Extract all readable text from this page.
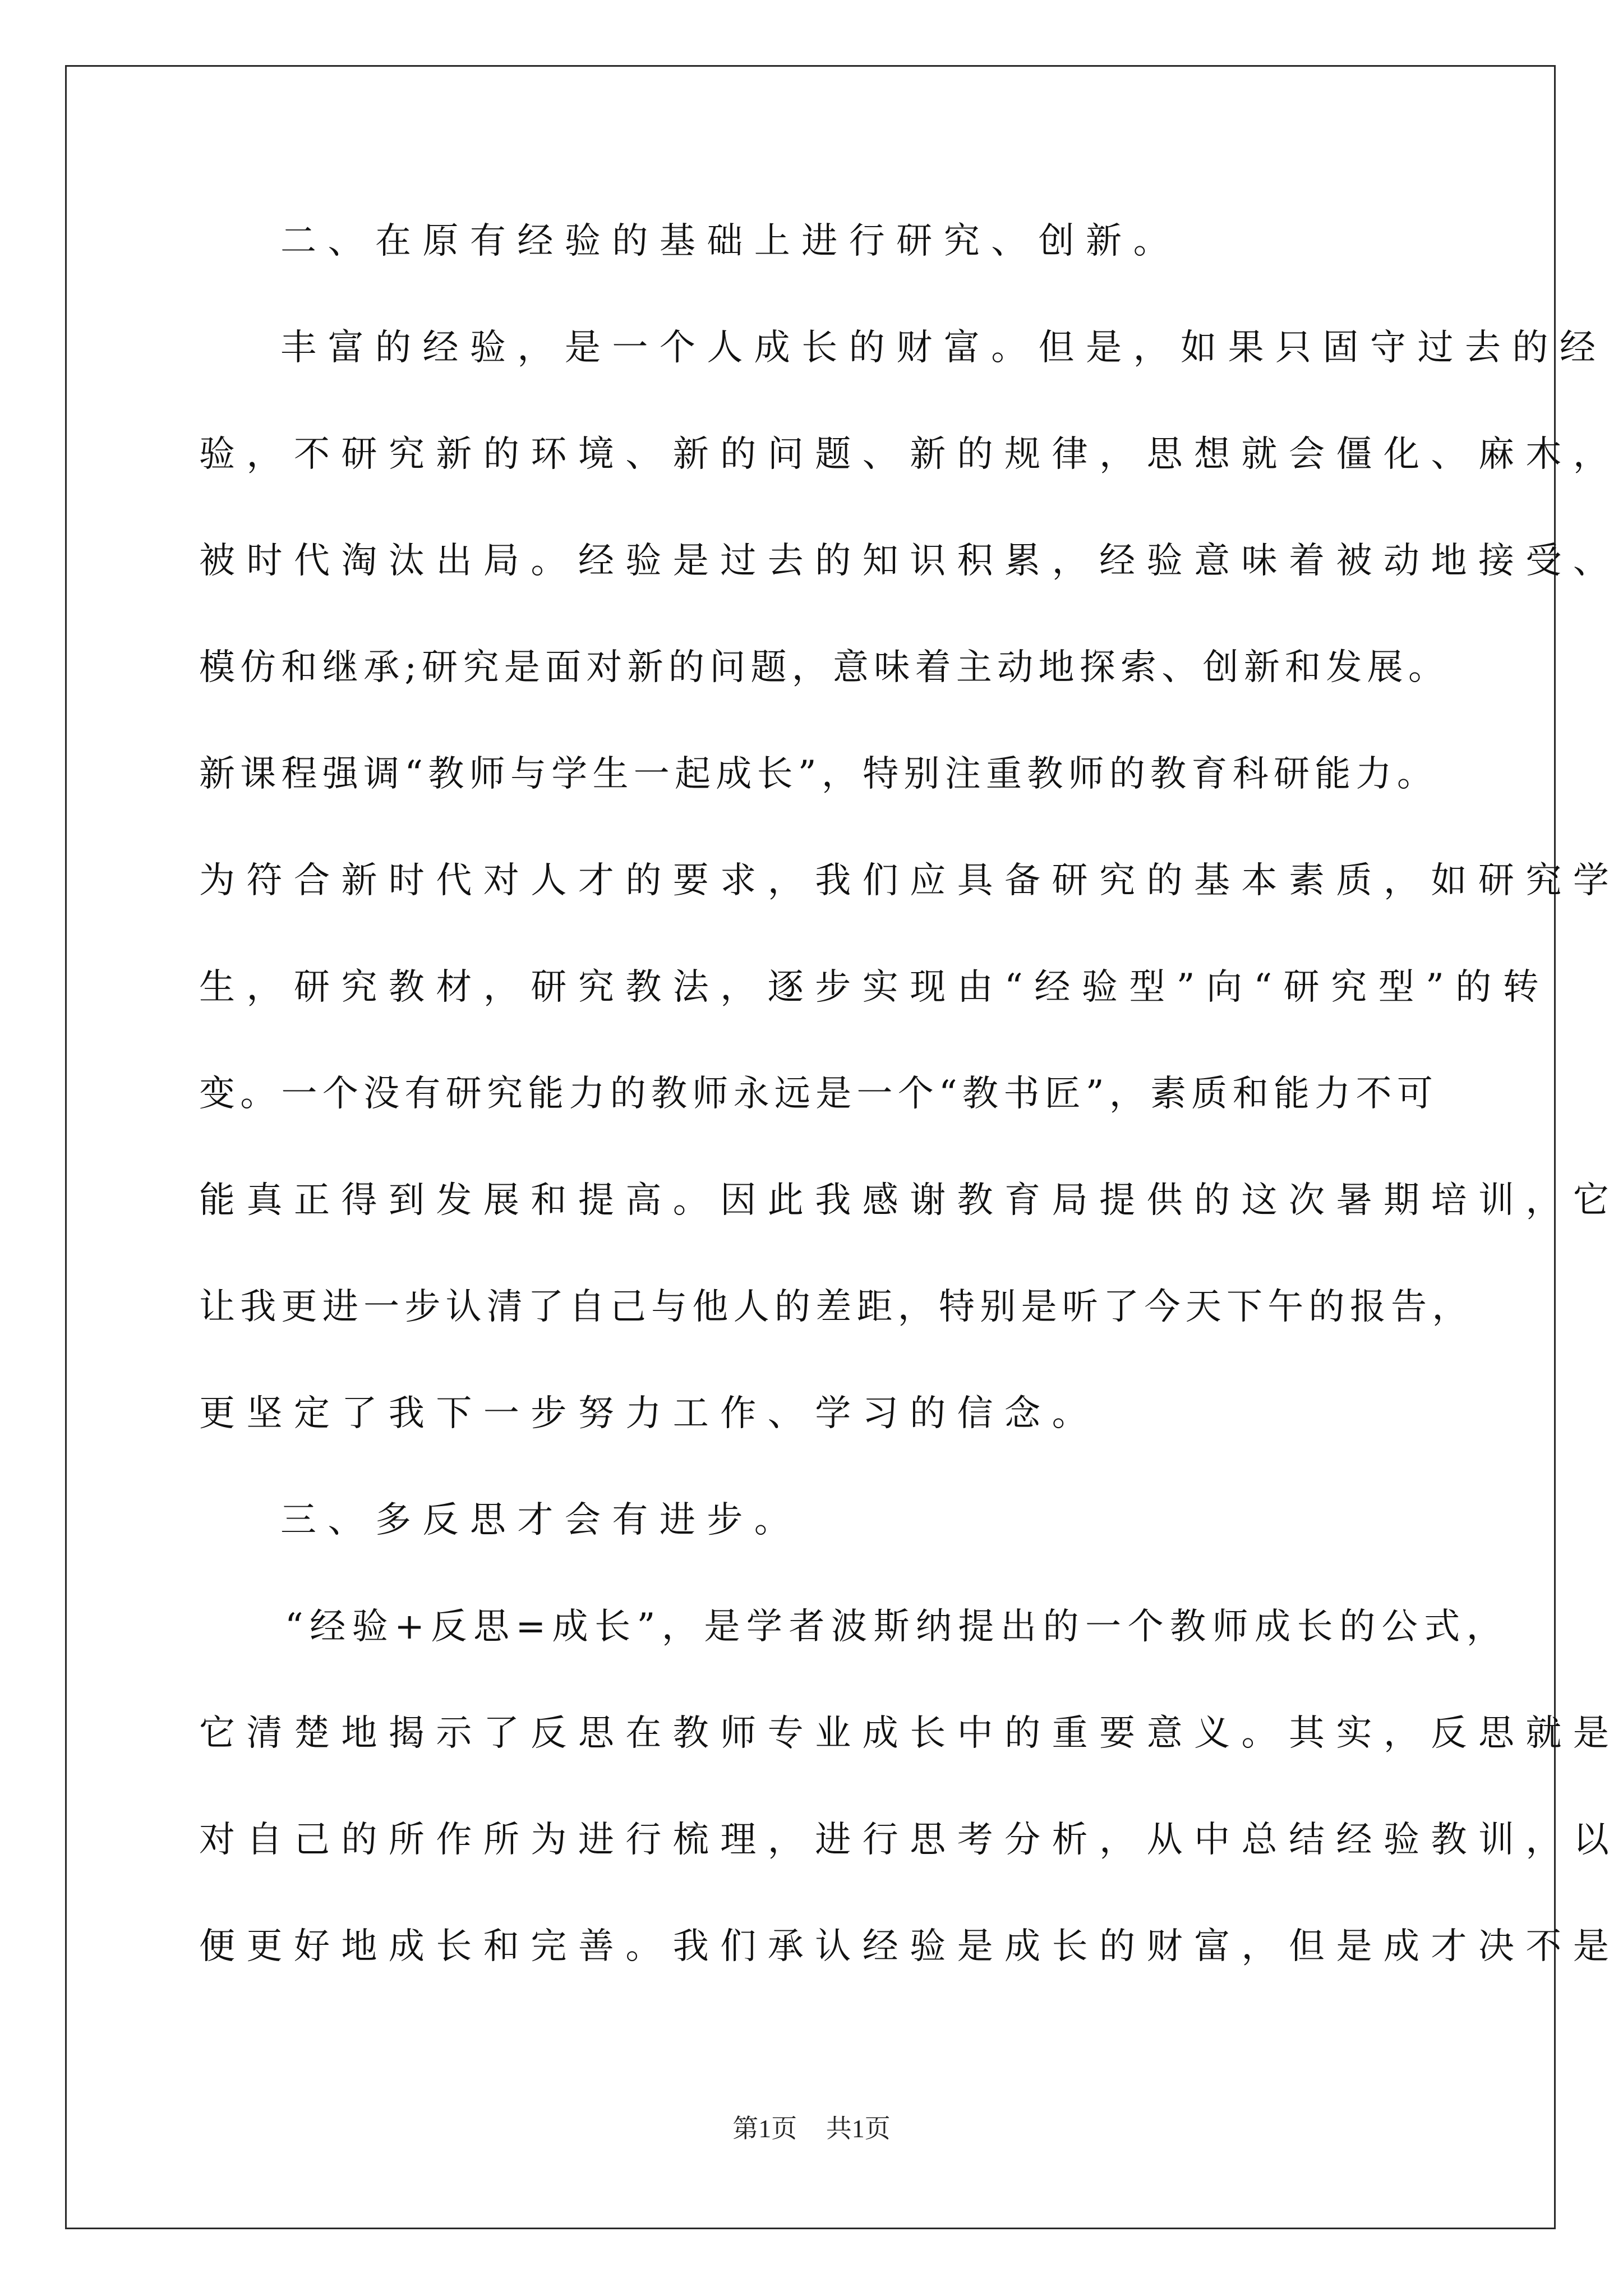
二、在原有经验的基础上进行研究、创新。
丰富的经验，是一个人成长的财富。但是，如果只固守过去的经
验，不研究新的环境、新的问题、新的规律，思想就会僵化、麻木，
被时代淘汰出局。经验是过去的知识积累，经验意味着被动地接受、
模仿和继承;研究是面对新的问题，意味着主动地探索、创新和发展。
新课程强调“教师与学生一起成长”，特别注重教师的教育科研能力。
为符合新时代对人才的要求，我们应具备研究的基本素质，如研究学
生，研究教材，研究教法，逐步实现由“经验型”向“研究型”的转
变。一个没有研究能力的教师永远是一个“教书匠”，素质和能力不可
能真正得到发展和提高。因此我感谢教育局提供的这次暑期培训，它
让我更进一步认清了自己与他人的差距，特别是听了今天下午的报告，
更坚定了我下一步努力工作、学习的信念。
三、多反思才会有进步。
“经验+反思=成长”，是学者波斯纳提出的一个教师成长的公式，
它清楚地揭示了反思在教师专业成长中的重要意义。其实，反思就是
对自己的所作所为进行梳理，进行思考分析，从中总结经验教训，以
便更好地成长和完善。我们承认经验是成长的财富，但是成才决不是
第1页 共1页
